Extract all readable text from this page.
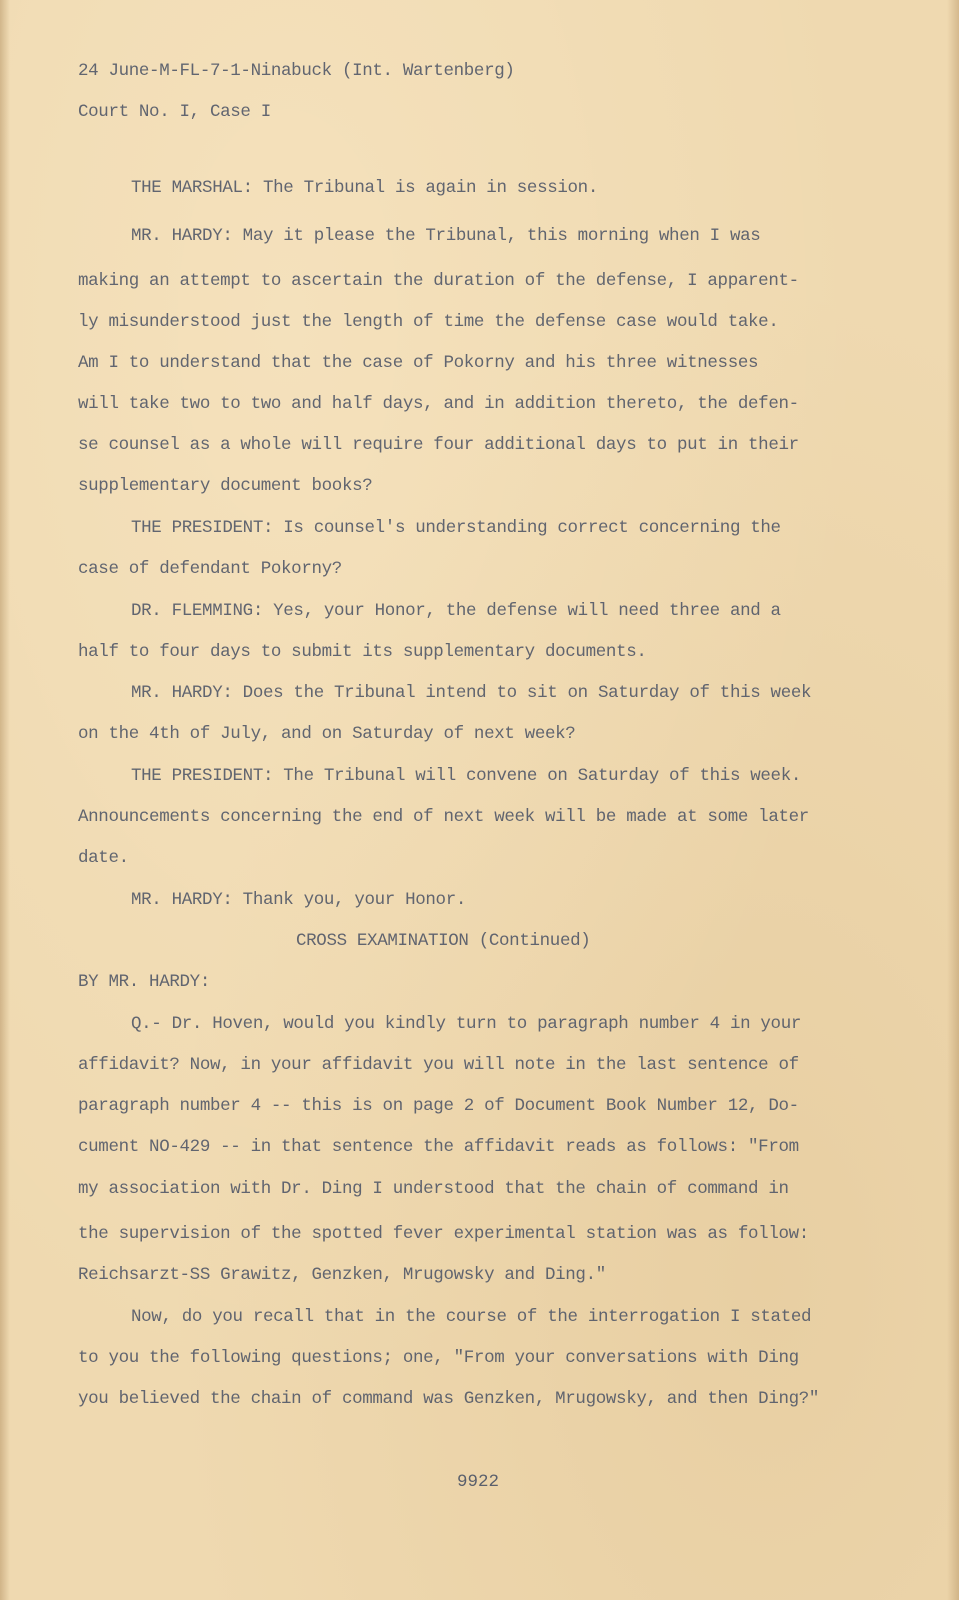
24 June-M-FL-7-1-Ninabuck (Int. Wartenberg)

Court No. I, Case I

THE MARSHAL: The Tribunal is again in session.

MR. HARDY: May it please the Tribunal, this morning when I was

making an attempt to ascertain the duration of the defense, I apparent-

ly misunderstood just the length of time the defense case would take.

Am I to understand that the case of Pokorny and his three witnesses

will take two to two and half days, and in addition thereto, the defen-

se counsel as a whole will require four additional days to put in their

supplementary document books?

THE PRESIDENT: Is counsel's understanding correct concerning the

case of defendant Pokorny?

DR. FLEMMING: Yes, your Honor, the defense will need three and a

half to four days to submit its supplementary documents.

MR. HARDY: Does the Tribunal intend to sit on Saturday of this week

on the 4th of July, and on Saturday of next week?

THE PRESIDENT: The Tribunal will convene on Saturday of this week.

Announcements concerning the end of next week will be made at some later

date.

MR. HARDY: Thank you, your Honor.

CROSS EXAMINATION (Continued)

BY MR. HARDY:

Q.- Dr. Hoven, would you kindly turn to paragraph number 4 in your

affidavit? Now, in your affidavit you will note in the last sentence of

paragraph number 4 -- this is on page 2 of Document Book Number 12, Do-

cument NO-429 -- in that sentence the affidavit reads as follows: "From

my association with Dr. Ding I understood that the chain of command in

the supervision of the spotted fever experimental station was as follow:

Reichsarzt-SS Grawitz, Genzken, Mrugowsky and Ding."

Now, do you recall that in the course of the interrogation I stated

to you the following questions; one, "From your conversations with Ding

you believed the chain of command was Genzken, Mrugowsky, and then Ding?"

9922
